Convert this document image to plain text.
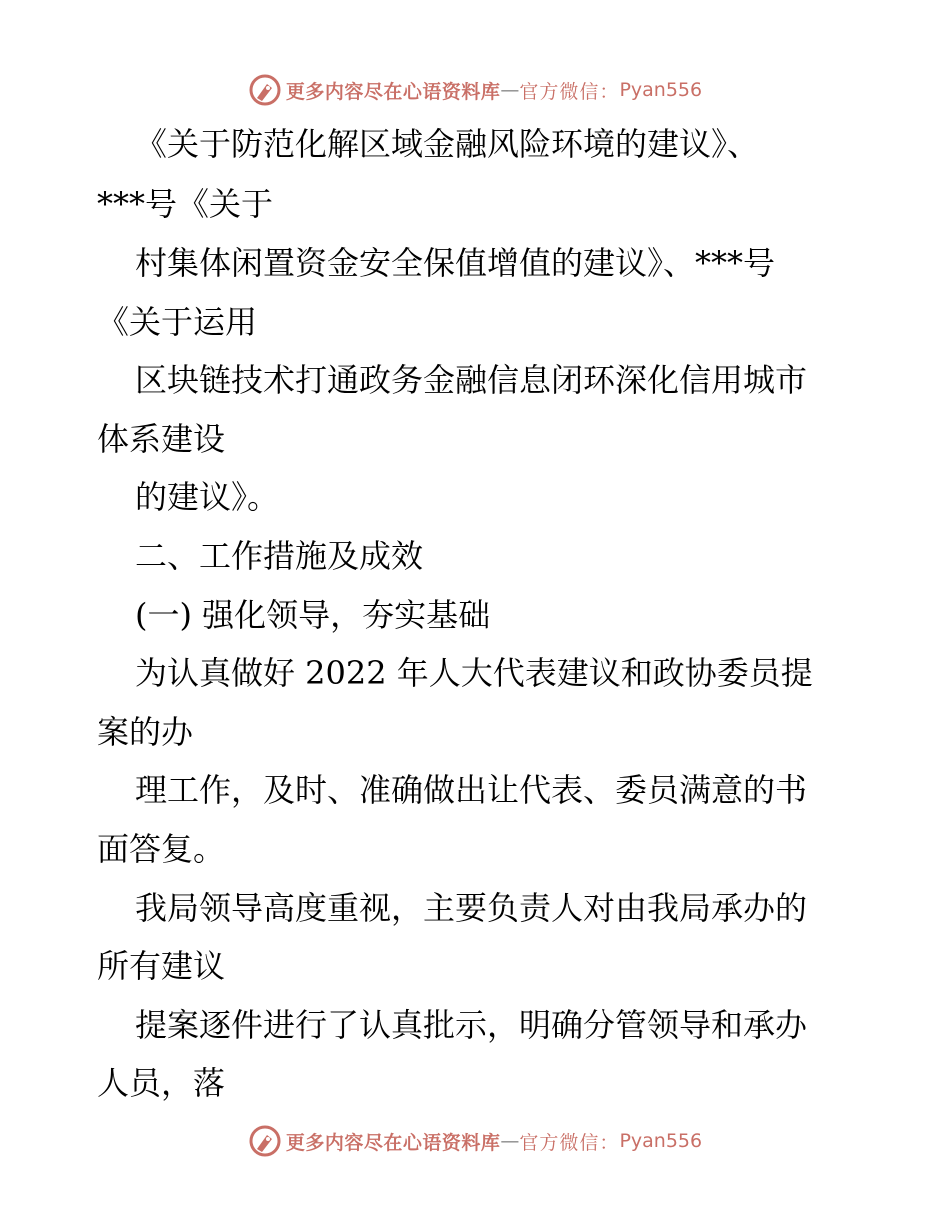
更多内容尽在心语资料库 — 官方微信： Pyan556
《关于防范化解区域金融风险环境的建议》、
***号《关于
村集体闲置资金安全保值增值的建议》、***号
《关于运用
区块链技术打通政务金融信息闭环深化信用城市
体系建设
的建议》。
二、工作措施及成效
(一) 强化领导，夯实基础
为认真做好 2022 年人大代表建议和政协委员提
案的办
理工作，及时、准确做出让代表、委员满意的书
面答复。
我局领导高度重视，主要负责人对由我局承办的
所有建议
提案逐件进行了认真批示，明确分管领导和承办
人员，落
更多内容尽在心语资料库 — 官方微信： Pyan556
